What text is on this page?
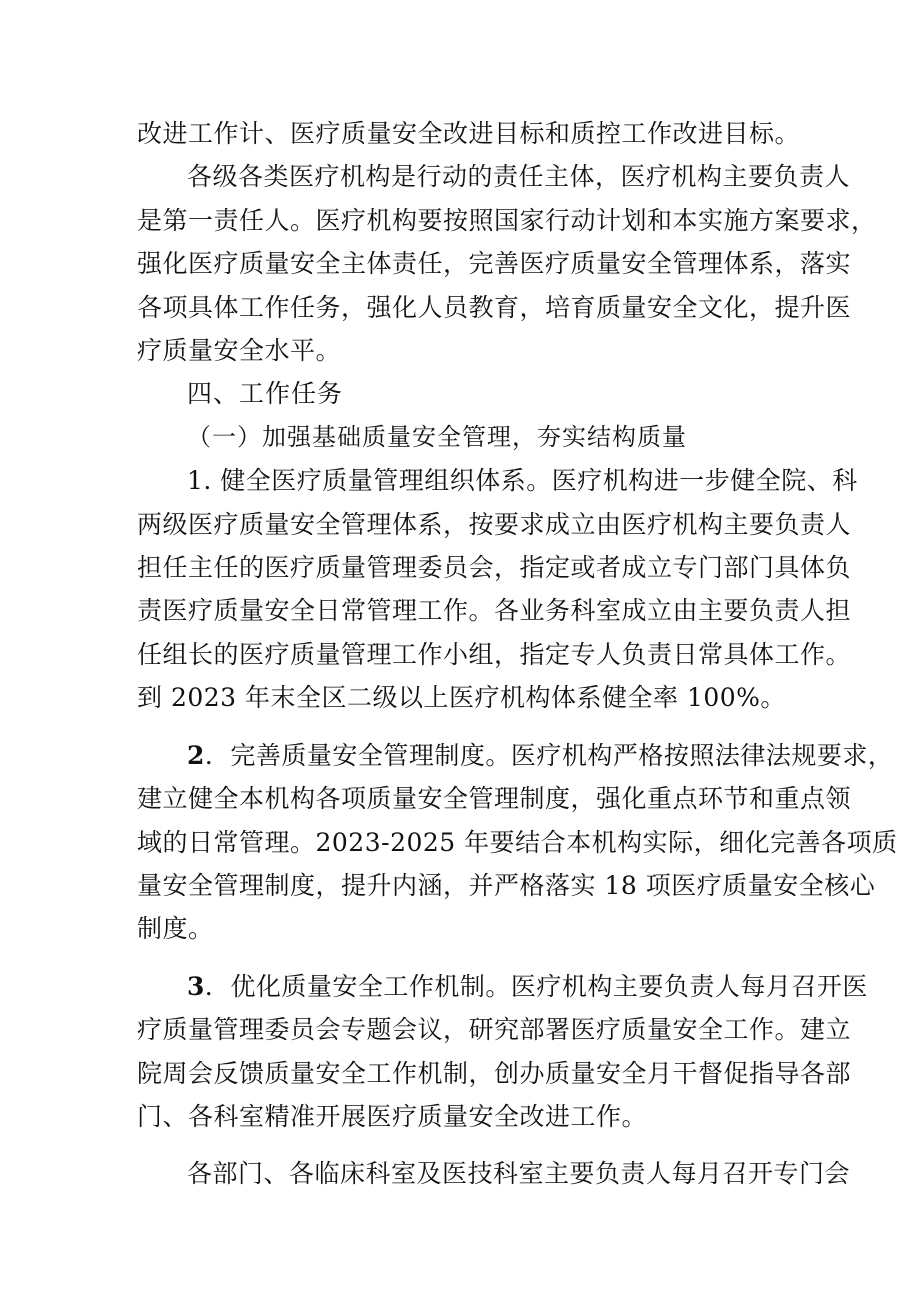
改进工作计、医疗质量安全改进目标和质控工作改进目标。
各级各类医疗机构是行动的责任主体，医疗机构主要负责人
是第一责任人。医疗机构要按照国家行动计划和本实施方案要求，
强化医疗质量安全主体责任，完善医疗质量安全管理体系，落实
各项具体工作任务，强化人员教育，培育质量安全文化，提升医
疗质量安全水平。
四、工作任务
（一）加强基础质量安全管理，夯实结构质量
1. 健全医疗质量管理组织体系。医疗机构进一步健全院、科
两级医疗质量安全管理体系，按要求成立由医疗机构主要负责人
担任主任的医疗质量管理委员会，指定或者成立专门部门具体负
责医疗质量安全日常管理工作。各业务科室成立由主要负责人担
任组长的医疗质量管理工作小组，指定专人负责日常具体工作。
到 2023 年末全区二级以上医疗机构体系健全率 100%。
2．完善质量安全管理制度。医疗机构严格按照法律法规要求，
建立健全本机构各项质量安全管理制度，强化重点环节和重点领
域的日常管理。2023-2025 年要结合本机构实际，细化完善各项质
量安全管理制度，提升内涵，并严格落实 18 项医疗质量安全核心
制度。
3．优化质量安全工作机制。医疗机构主要负责人每月召开医
疗质量管理委员会专题会议，研究部署医疗质量安全工作。建立
院周会反馈质量安全工作机制，创办质量安全月干督促指导各部
门、各科室精准开展医疗质量安全改进工作。
各部门、各临床科室及医技科室主要负责人每月召开专门会
